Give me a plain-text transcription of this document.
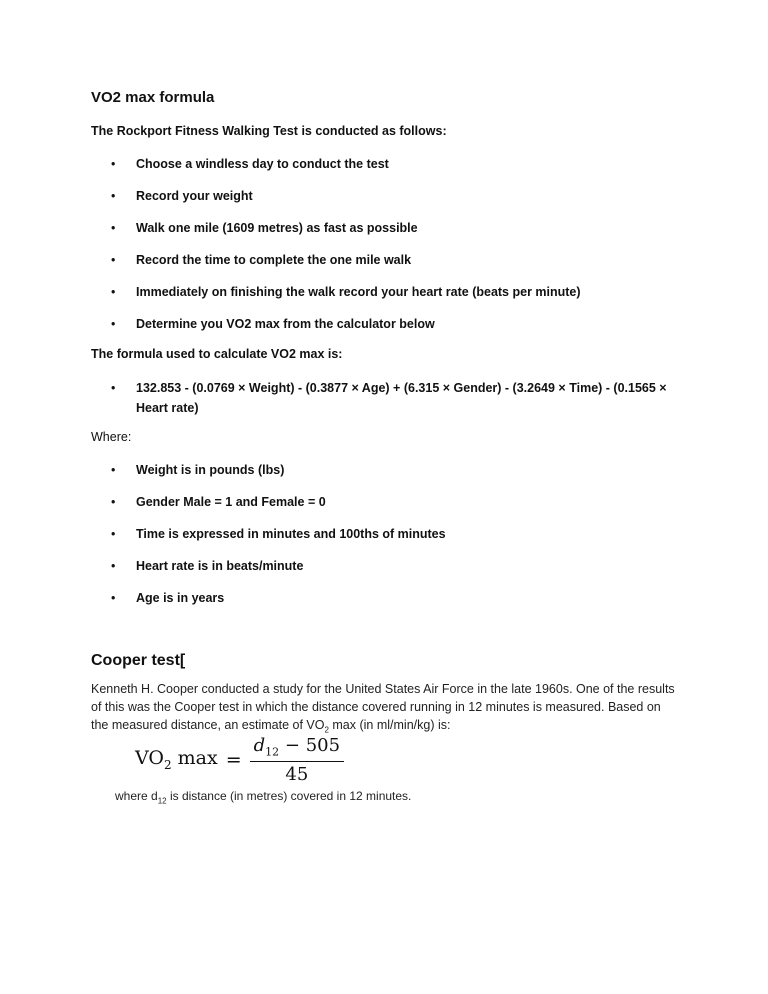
VO2 max formula
The Rockport Fitness Walking Test is conducted as follows:
• Choose a windless day to conduct the test
• Record your weight
• Walk one mile (1609 metres) as fast as possible
• Record the time to complete the one mile walk
• Immediately on finishing the walk record your heart rate (beats per minute)
• Determine you VO2 max from the calculator below
The formula used to calculate VO2 max is:
• 132.853 - (0.0769 × Weight) - (0.3877 × Age) + (6.315 × Gender) - (3.2649 × Time) - (0.1565 ×
Heart rate)
Where:
• Weight is in pounds (lbs)
• Gender Male = 1 and Female = 0
• Time is expressed in minutes and 100ths of minutes
• Heart rate is in beats/minute
• Age is in years
Cooper test[
Kenneth H. Cooper conducted a study for the United States Air Force in the late 1960s. One of the results
of this was the Cooper test in which the distance covered running in 12 minutes is measured. Based on
the measured distance, an estimate of $VO_2$ max (in ml/min/kg) is:
$VO_2$ $\max = \frac{d_{12} - 505}{45}$
where $d_{12}$ is distance (in metres) covered in 12 minutes.
